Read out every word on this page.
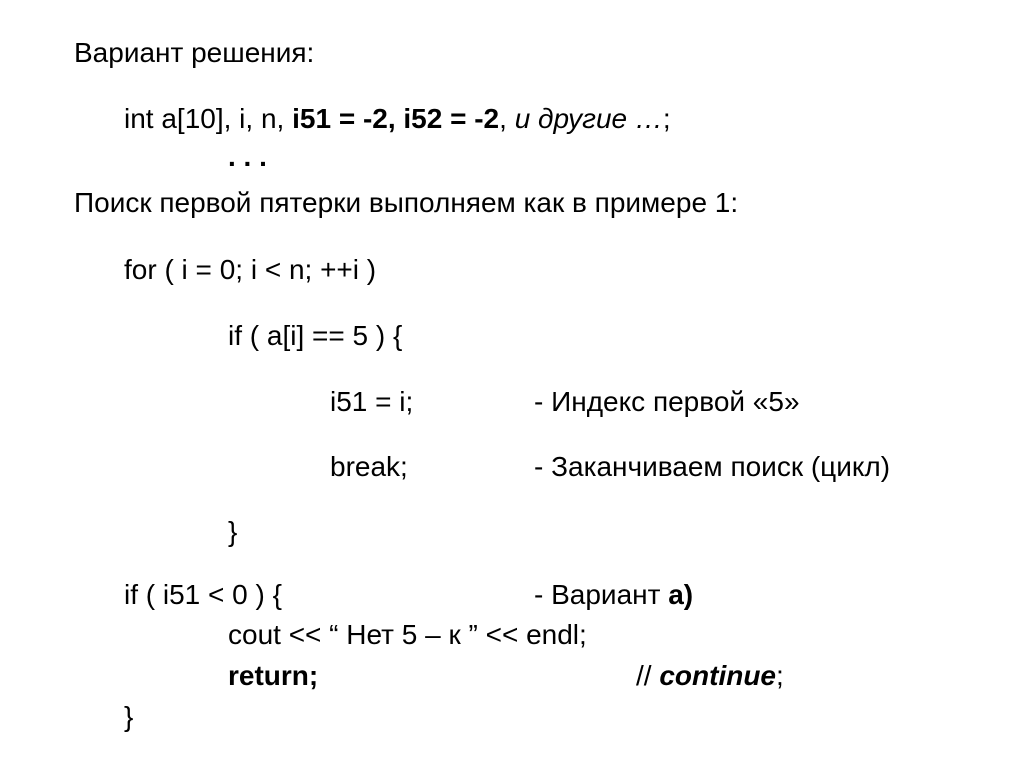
Вариант решения:
int a[10], i, n, i51 = -2, i52 = -2, и другие …;
. . .
Поиск первой пятерки выполняем как в примере 1:
for ( i = 0; i < n; ++i )
if ( a[i] == 5 ) {
i51 = i;	- Индекс первой «5»
break;	- Заканчиваем поиск (цикл)
}
if ( i51 < 0 ) {	- Вариант а)
cout << “ Нет 5 – к ” << endl;
return;	// continue;
}
